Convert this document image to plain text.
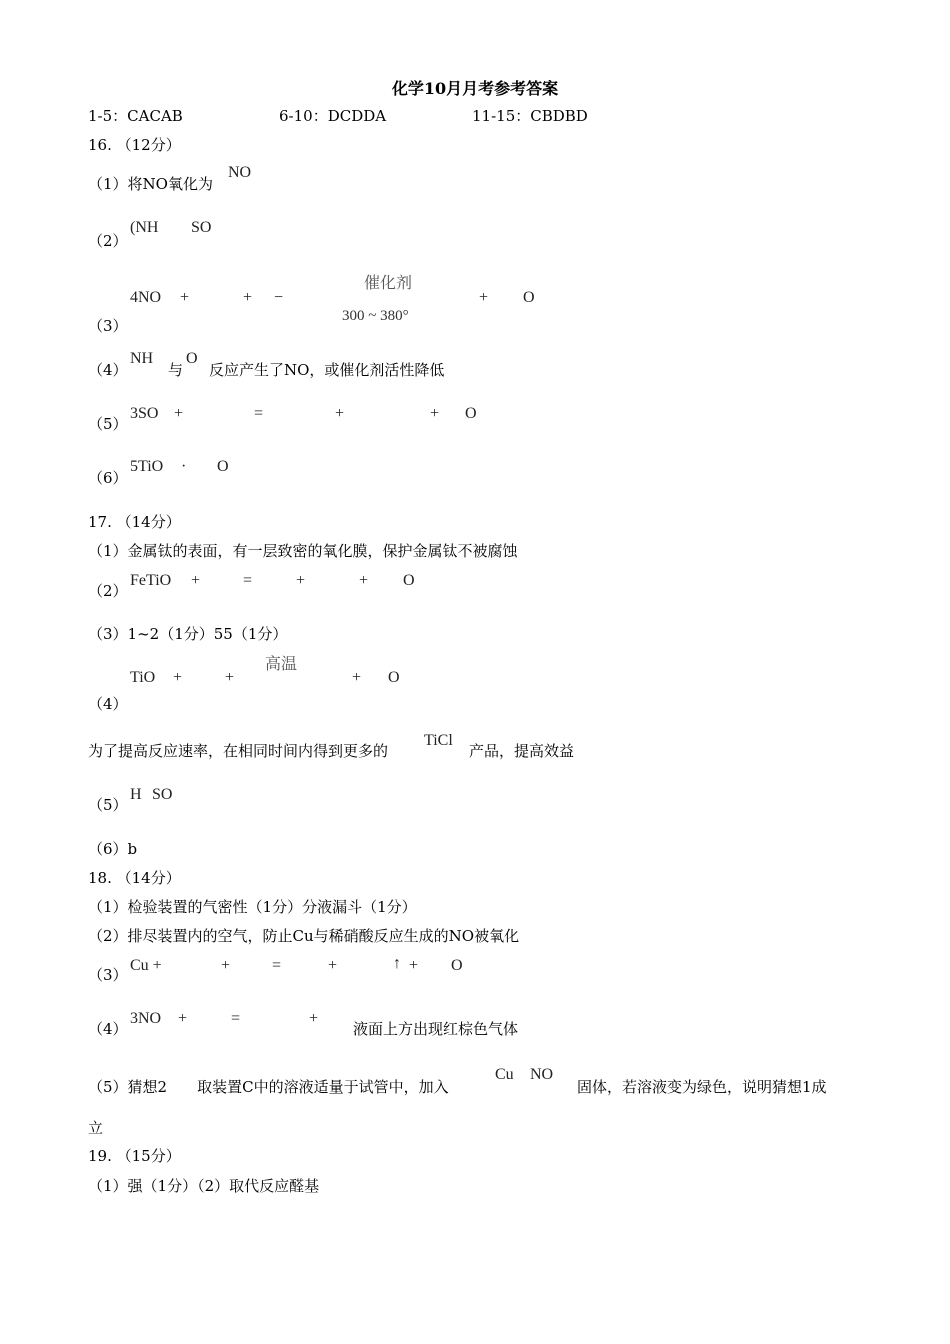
化学10月月考参考答案
1-5：CACAB	6-10：DCDDA	11-15：CBDBD
16. （12分）
（1）将NO氧化为
NO
（2）
(NH SO
催化剂
4NO +	+ −
300 ~ 380°
+ O
（3）
（4）
NH
与
O
反应产生了NO，或催化剂活性降低
（5）
3SO +	=	+	+ O
（6）
5TiO · O
17. （14分）
（1）金属钛的表面，有一层致密的氧化膜，保护金属钛不被腐蚀
（2）
FeTiO +	=	+	+ O
（3）1~2（1分）55（1分）
高温
TiO +	+	+ O
（4）
为了提高反应速率，在相同时间内得到更多的
TiCl
产品，提高效益
（5）
H SO
（6）b
18. （14分）
（1）检验装置的气密性（1分）分液漏斗（1分）
（2）排尽装置内的空气，防止Cu与稀硝酸反应生成的NO被氧化
（3）
Cu +	+	=	+	↑ + O
（4）
3NO +	=	+
液面上方出现红棕色气体
（5）猜想2　　取装置C中的溶液适量于试管中，加入
Cu NO
固体，若溶液变为绿色，说明猜想1成
立
19. （15分）
（1）强（1分）（2）取代反应醛基
